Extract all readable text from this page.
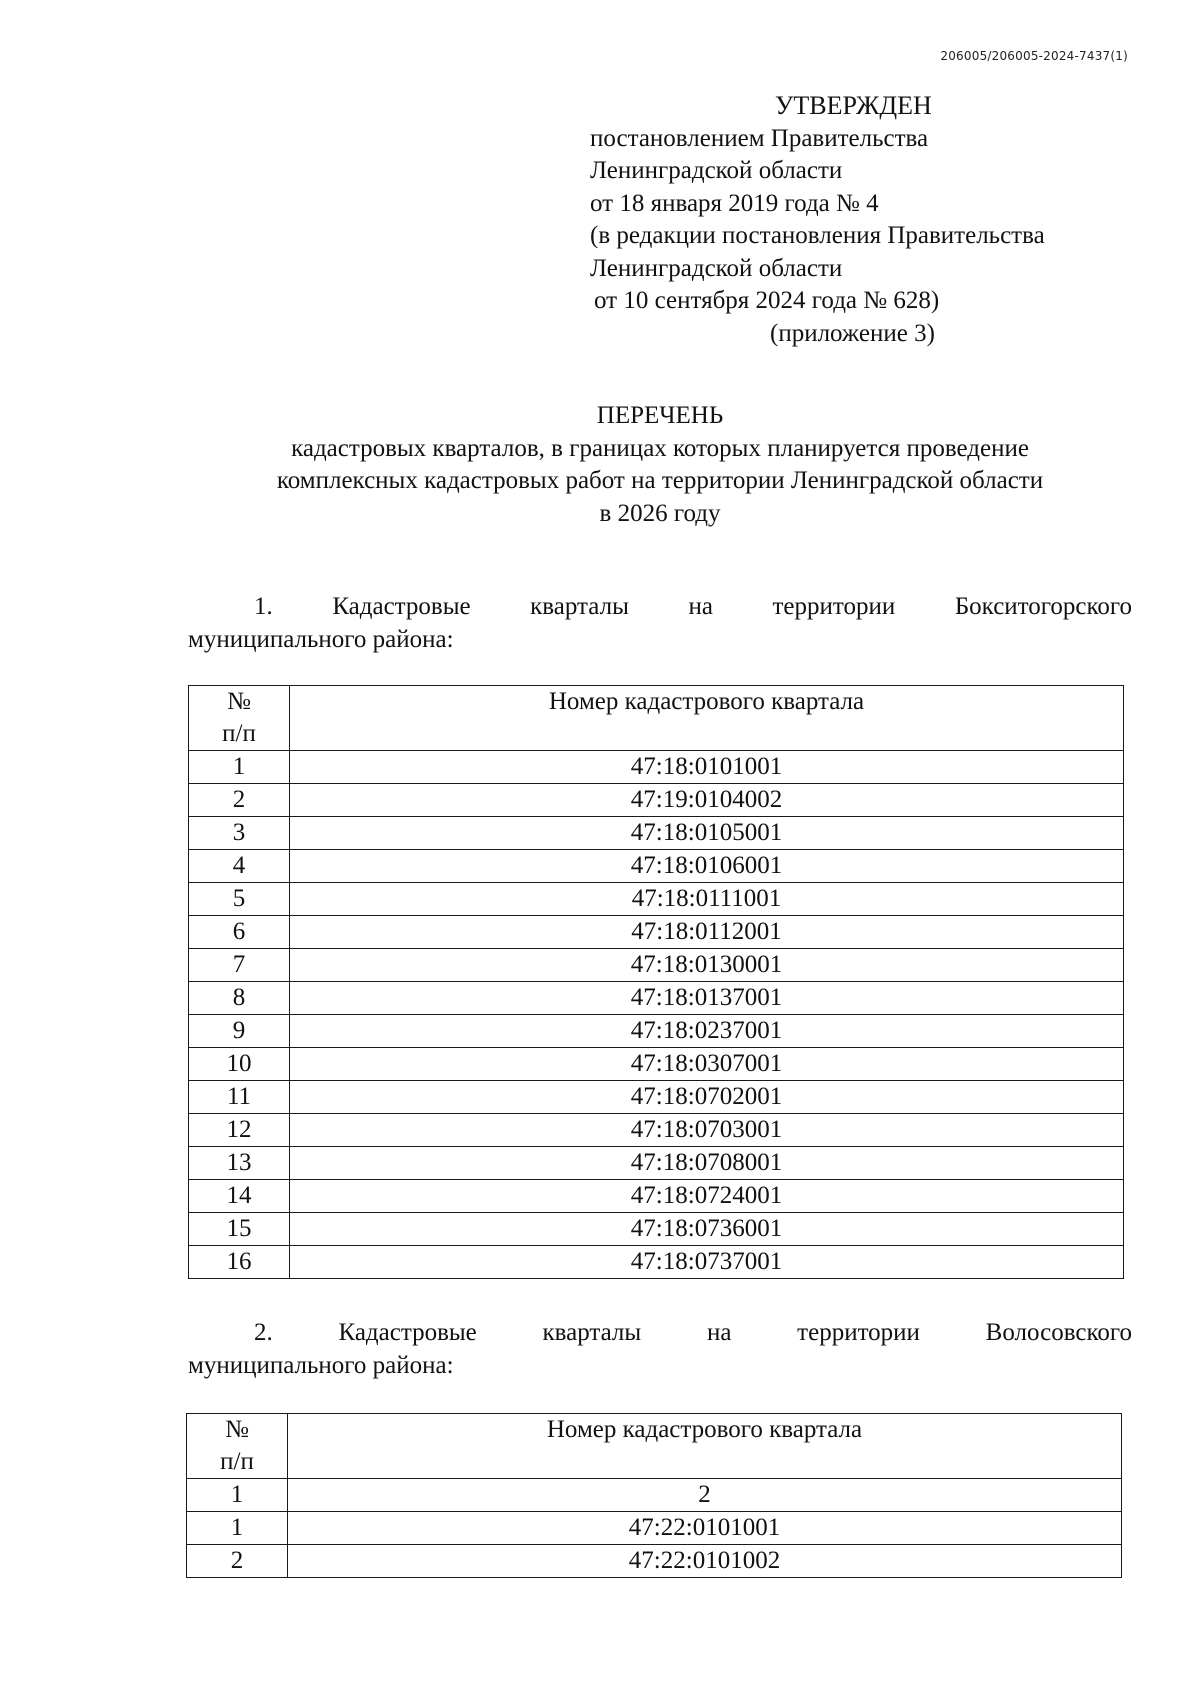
206005/206005-2024-7437(1)
УТВЕРЖДЕН
постановлением Правительства
Ленинградской области
от 18 января 2019 года № 4
(в редакции постановления Правительства
Ленинградской области
от 10 сентября 2024 года № 628)
(приложение 3)
ПЕРЕЧЕНЬ
кадастровых кварталов, в границах которых планируется проведение
комплексных кадастровых работ на территории Ленинградской области
в 2026 году
1. Кадастровые кварталы на территории Бокситогорского
муниципального района:
№
п/п	Номер кадастрового квартала
1	47:18:0101001
2	47:19:0104002
3	47:18:0105001
4	47:18:0106001
5	47:18:0111001
6	47:18:0112001
7	47:18:0130001
8	47:18:0137001
9	47:18:0237001
10	47:18:0307001
11	47:18:0702001
12	47:18:0703001
13	47:18:0708001
14	47:18:0724001
15	47:18:0736001
16	47:18:0737001
2.	Кадастровые	кварталы	на	территории	Волосовского
муниципального района:
№
п/п	Номер кадастрового квартала
1	2
1	47:22:0101001
2	47:22:0101002
